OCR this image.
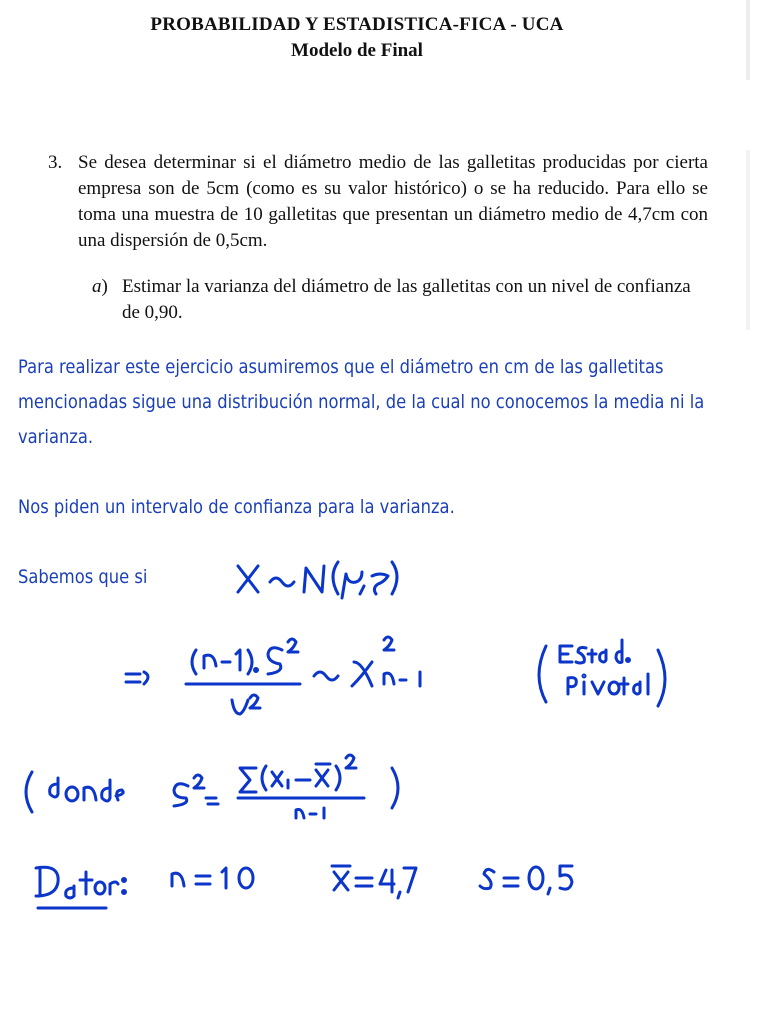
PROBABILIDAD Y ESTADISTICA-FICA - UCA
Modelo de Final
3. Se desea determinar si el diámetro medio de las galletitas producidas por cierta empresa son de 5cm (como es su valor histórico) o se ha reducido. Para ello se toma una muestra de 10 galletitas que presentan un diámetro medio de 4,7cm con una dispersión de 0,5cm.
a) Estimar la varianza del diámetro de las galletitas con un nivel de confianza de 0,90.
Para realizar este ejercicio asumiremos que el diámetro en cm de las galletitas mencionadas sigue una distribución normal, de la cual no conocemos la media ni la varianza.
Nos piden un intervalo de confianza para la varianza.
Sabemos que si
